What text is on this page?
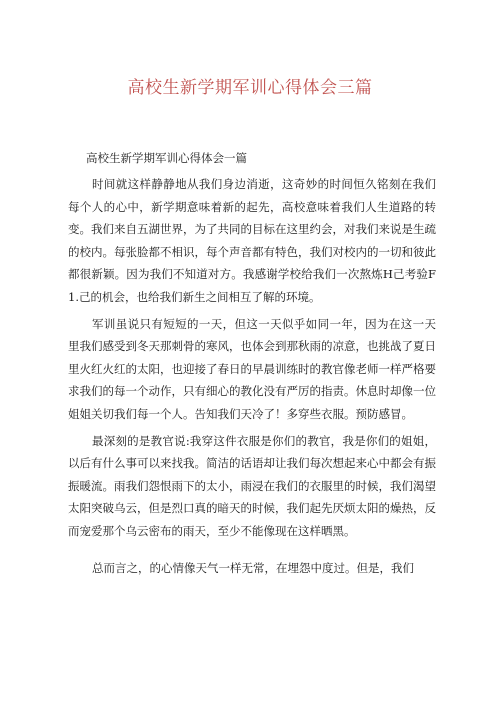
高校生新学期军训心得体会三篇

高校生新学期军训心得体会一篇

时间就这样静静地从我们身边消逝，这奇妙的时间恒久铭刻在我们每个人的心中，新学期意味着新的起先，高校意味着我们人生道路的转变。我们来自五湖世界，为了共同的目标在这里约会，对我们来说是生疏的校内。每张脸都不相识，每个声音都有特色，我们对校内的一切和彼此都很新颖。因为我们不知道对方。我感谢学校给我们一次熬炼H己考验F1.己的机会，也给我们新生之间相互了解的环境。

军训虽说只有短短的一天，但这一天似乎如同一年，因为在这一天里我们感受到冬天那刺骨的寒风，也体会到那秋雨的凉意，也挑战了夏日里火红火红的太阳，也迎接了春日的早晨训练时的教官像老师一样严格要求我们的每一个动作，只有细心的教化没有严厉的指责。休息时却像一位姐姐关切我们每一个人。告知我们天冷了！多穿些衣服。预防感冒。

最深刻的是教官说:我穿这件衣服是你们的教官，我是你们的姐姐，以后有什么事可以来找我。简洁的话语却让我们每次想起来心中都会有振振暖流。雨我们怨恨雨下的太小，雨浸在我们的衣服里的时候，我们渴望太阳突破乌云，但是烈口真的暗天的时候，我们起先厌烦太阳的燥热，反而宠爱那个乌云密布的雨天，至少不能像现在这样晒黑。

总而言之，的心情像天气一样无常，在埋怨中度过。但是，我们
